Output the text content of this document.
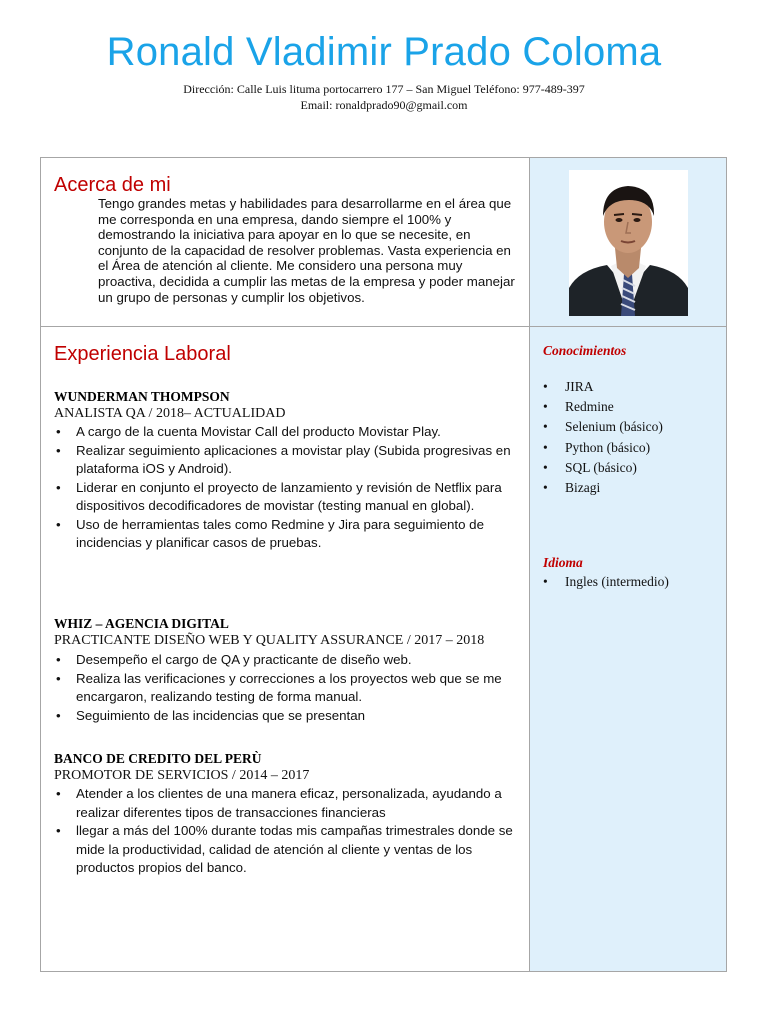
Ronald Vladimir Prado Coloma
Dirección: Calle Luis lituma portocarrero 177 – San Miguel Teléfono: 977-489-397
Email: ronaldprado90@gmail.com
Acerca de mi
Tengo grandes metas y habilidades para desarrollarme en el área que me corresponda en una empresa, dando siempre el 100% y demostrando la iniciativa para apoyar en lo que se necesite, en conjunto de la capacidad de resolver problemas. Vasta experiencia en el Área de atención al cliente. Me considero una persona muy proactiva, decidida a cumplir las metas de la empresa y poder manejar un grupo de personas y cumplir los objetivos.
Experiencia Laboral
WUNDERMAN THOMPSON
ANALISTA QA / 2018– ACTUALIDAD
• A cargo de la cuenta Movistar Call del producto Movistar Play.
• Realizar seguimiento aplicaciones a movistar play (Subida progresivas en plataforma iOS y Android).
• Liderar en conjunto el proyecto de lanzamiento y revisión de Netflix para dispositivos decodificadores de movistar (testing manual en global).
• Uso de herramientas tales como Redmine y Jira para seguimiento de incidencias y planificar casos de pruebas.
WHIZ – AGENCIA DIGITAL
PRACTICANTE DISEÑO WEB Y QUALITY ASSURANCE / 2017 – 2018
• Desempeño el cargo de QA y practicante de diseño web.
• Realiza las verificaciones y correcciones a los proyectos web que se me encargaron, realizando testing de forma manual.
• Seguimiento de las incidencias que se presentan
BANCO DE CREDITO DEL PERÙ
PROMOTOR DE SERVICIOS / 2014 – 2017
• Atender a los clientes de una manera eficaz, personalizada, ayudando a realizar diferentes tipos de transacciones financieras
• llegar a más del 100% durante todas mis campañas trimestrales donde se mide la productividad, calidad de atención al cliente y ventas de los productos propios del banco.
Conocimientos
• JIRA
• Redmine
• Selenium (básico)
• Python (básico)
• SQL (básico)
• Bizagi
Idioma
• Ingles (intermedio)
